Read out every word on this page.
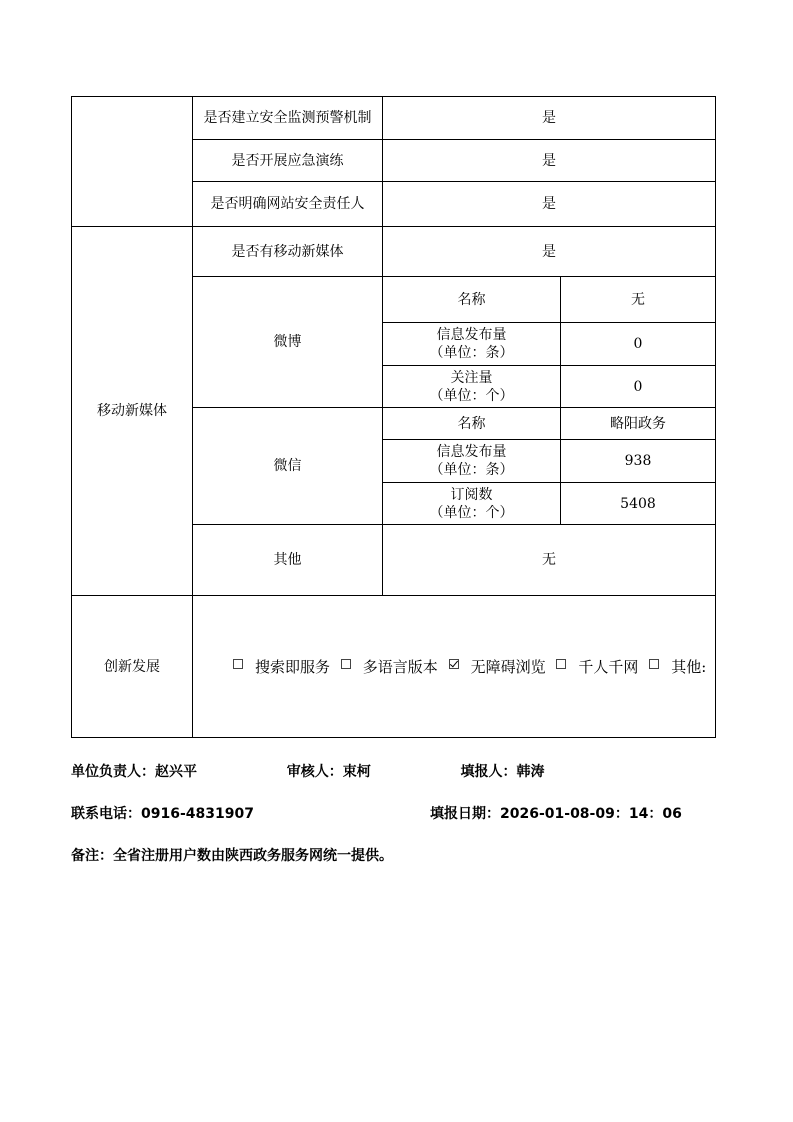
	是否建立安全监测预警机制	是	
	是否开展应急演练	是	
	是否明确网站安全责任人	是	
移动新媒体	是否有移动新媒体	是	
	微博	名称	无

		信息发布量
（单位：条）	0

		关注量
（单位：个）	0
	微信	名称	略阳政务

		信息发布量
（单位：条）	938

		订阅数
（单位：个）	5408
	其他	无	
创新发展	搜索即服务 多语言版本 无障碍浏览 千人千网 其他:		
单位负责人：赵兴平	审核人：束柯	填报人：韩涛
联系电话：0916-4831907	填报日期：2026-01-08-09：14：06
备注：全省注册用户数由陕西政务服务网统一提供。
